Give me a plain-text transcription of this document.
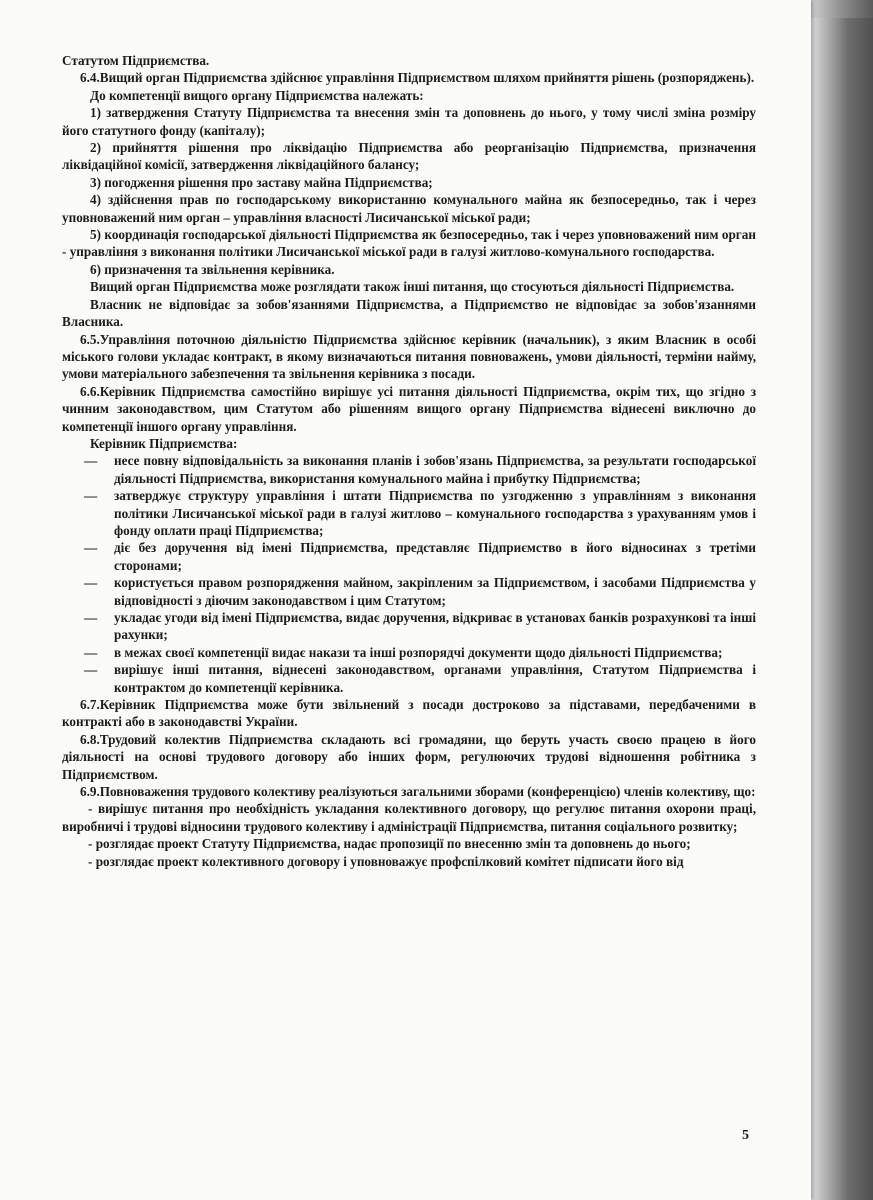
Статутом Підприємства.

6.4.Вищий орган Підприємства здійснює управління Підприємством шляхом прийняття рішень (розпоряджень).

До компетенції вищого органу Підприємства належать:

1) затвердження Статуту Підприємства та внесення змін та доповнень до нього, у тому числі зміна розміру його статутного фонду (капіталу);

2) прийняття рішення про ліквідацію Підприємства або реорганізацію Підприємства, призначення ліквідаційної комісії, затвердження ліквідаційного балансу;

3) погодження рішення про заставу майна Підприємства;

4) здійснення прав по господарському використанню комунального майна як безпосередньо, так і через уповноважений ним орган – управління власності Лисичанської міської ради;

5) координація господарської діяльності Підприємства як безпосередньо, так і через уповноважений ним орган - управління з виконання політики Лисичанської міської ради в галузі житлово-комунального господарства.

6) призначення та звільнення керівника.

Вищий орган Підприємства може розглядати також інші питання, що стосуються діяльності Підприємства.

Власник не відповідає за зобов'язаннями Підприємства, а Підприємство не відповідає за зобов'язаннями Власника.

6.5.Управління поточною діяльністю Підприємства здійснює керівник (начальник), з яким Власник в особі міського голови укладає контракт, в якому визначаються питання повноважень, умови діяльності, терміни найму, умови матеріального забезпечення та звільнення керівника з посади.

6.6.Керівник Підприємства самостійно вирішує усі питання діяльності Підприємства, окрім тих, що згідно з чинним законодавством, цим Статутом або рішенням вищого органу Підприємства віднесені виключно до компетенції іншого органу управління.

Керівник Підприємства:

— несе повну відповідальність за виконання планів і зобов'язань Підприємства, за результати господарської діяльності Підприємства, використання комунального майна і прибутку Підприємства;
— затверджує структуру управління і штати Підприємства по узгодженню з управлінням з виконання політики Лисичанської міської ради в галузі житлово – комунального господарства з урахуванням умов і фонду оплати праці Підприємства;
— діє без доручення від імені Підприємства, представляє Підприємство в його відносинах з третіми сторонами;
— користується правом розпорядження майном, закріпленим за Підприємством, і засобами Підприємства у відповідності з діючим законодавством і цим Статутом;
— укладає угоди від імені Підприємства, видає доручення, відкриває в установах банків розрахункові та інші рахунки;
— в межах своєї компетенції видає накази та інші розпорядчі документи щодо діяльності Підприємства;
— вирішує інші питання, віднесені законодавством, органами управління, Статутом Підприємства і контрактом до компетенції керівника.

6.7.Керівник Підприємства може бути звільнений з посади достроково за підставами, передбаченими в контракті або в законодавстві України.

6.8.Трудовий колектив Підприємства складають всі громадяни, що беруть участь своєю працею в його діяльності на основі трудового договору або інших форм, регулюючих трудові відношення робітника з Підприємством.

6.9.Повноваження трудового колективу реалізуються загальними зборами (конференцією) членів колективу, що:

- вирішує питання про необхідність укладання колективного договору, що регулює питання охорони праці, виробничі і трудові відносини трудового колективу і адміністрації Підприємства, питання соціального розвитку;

- розглядає проект Статуту Підприємства, надає пропозиції по внесенню змін та доповнень до нього;

- розглядає проект колективного договору і уповноважує профспілковий комітет підписати його від

5
